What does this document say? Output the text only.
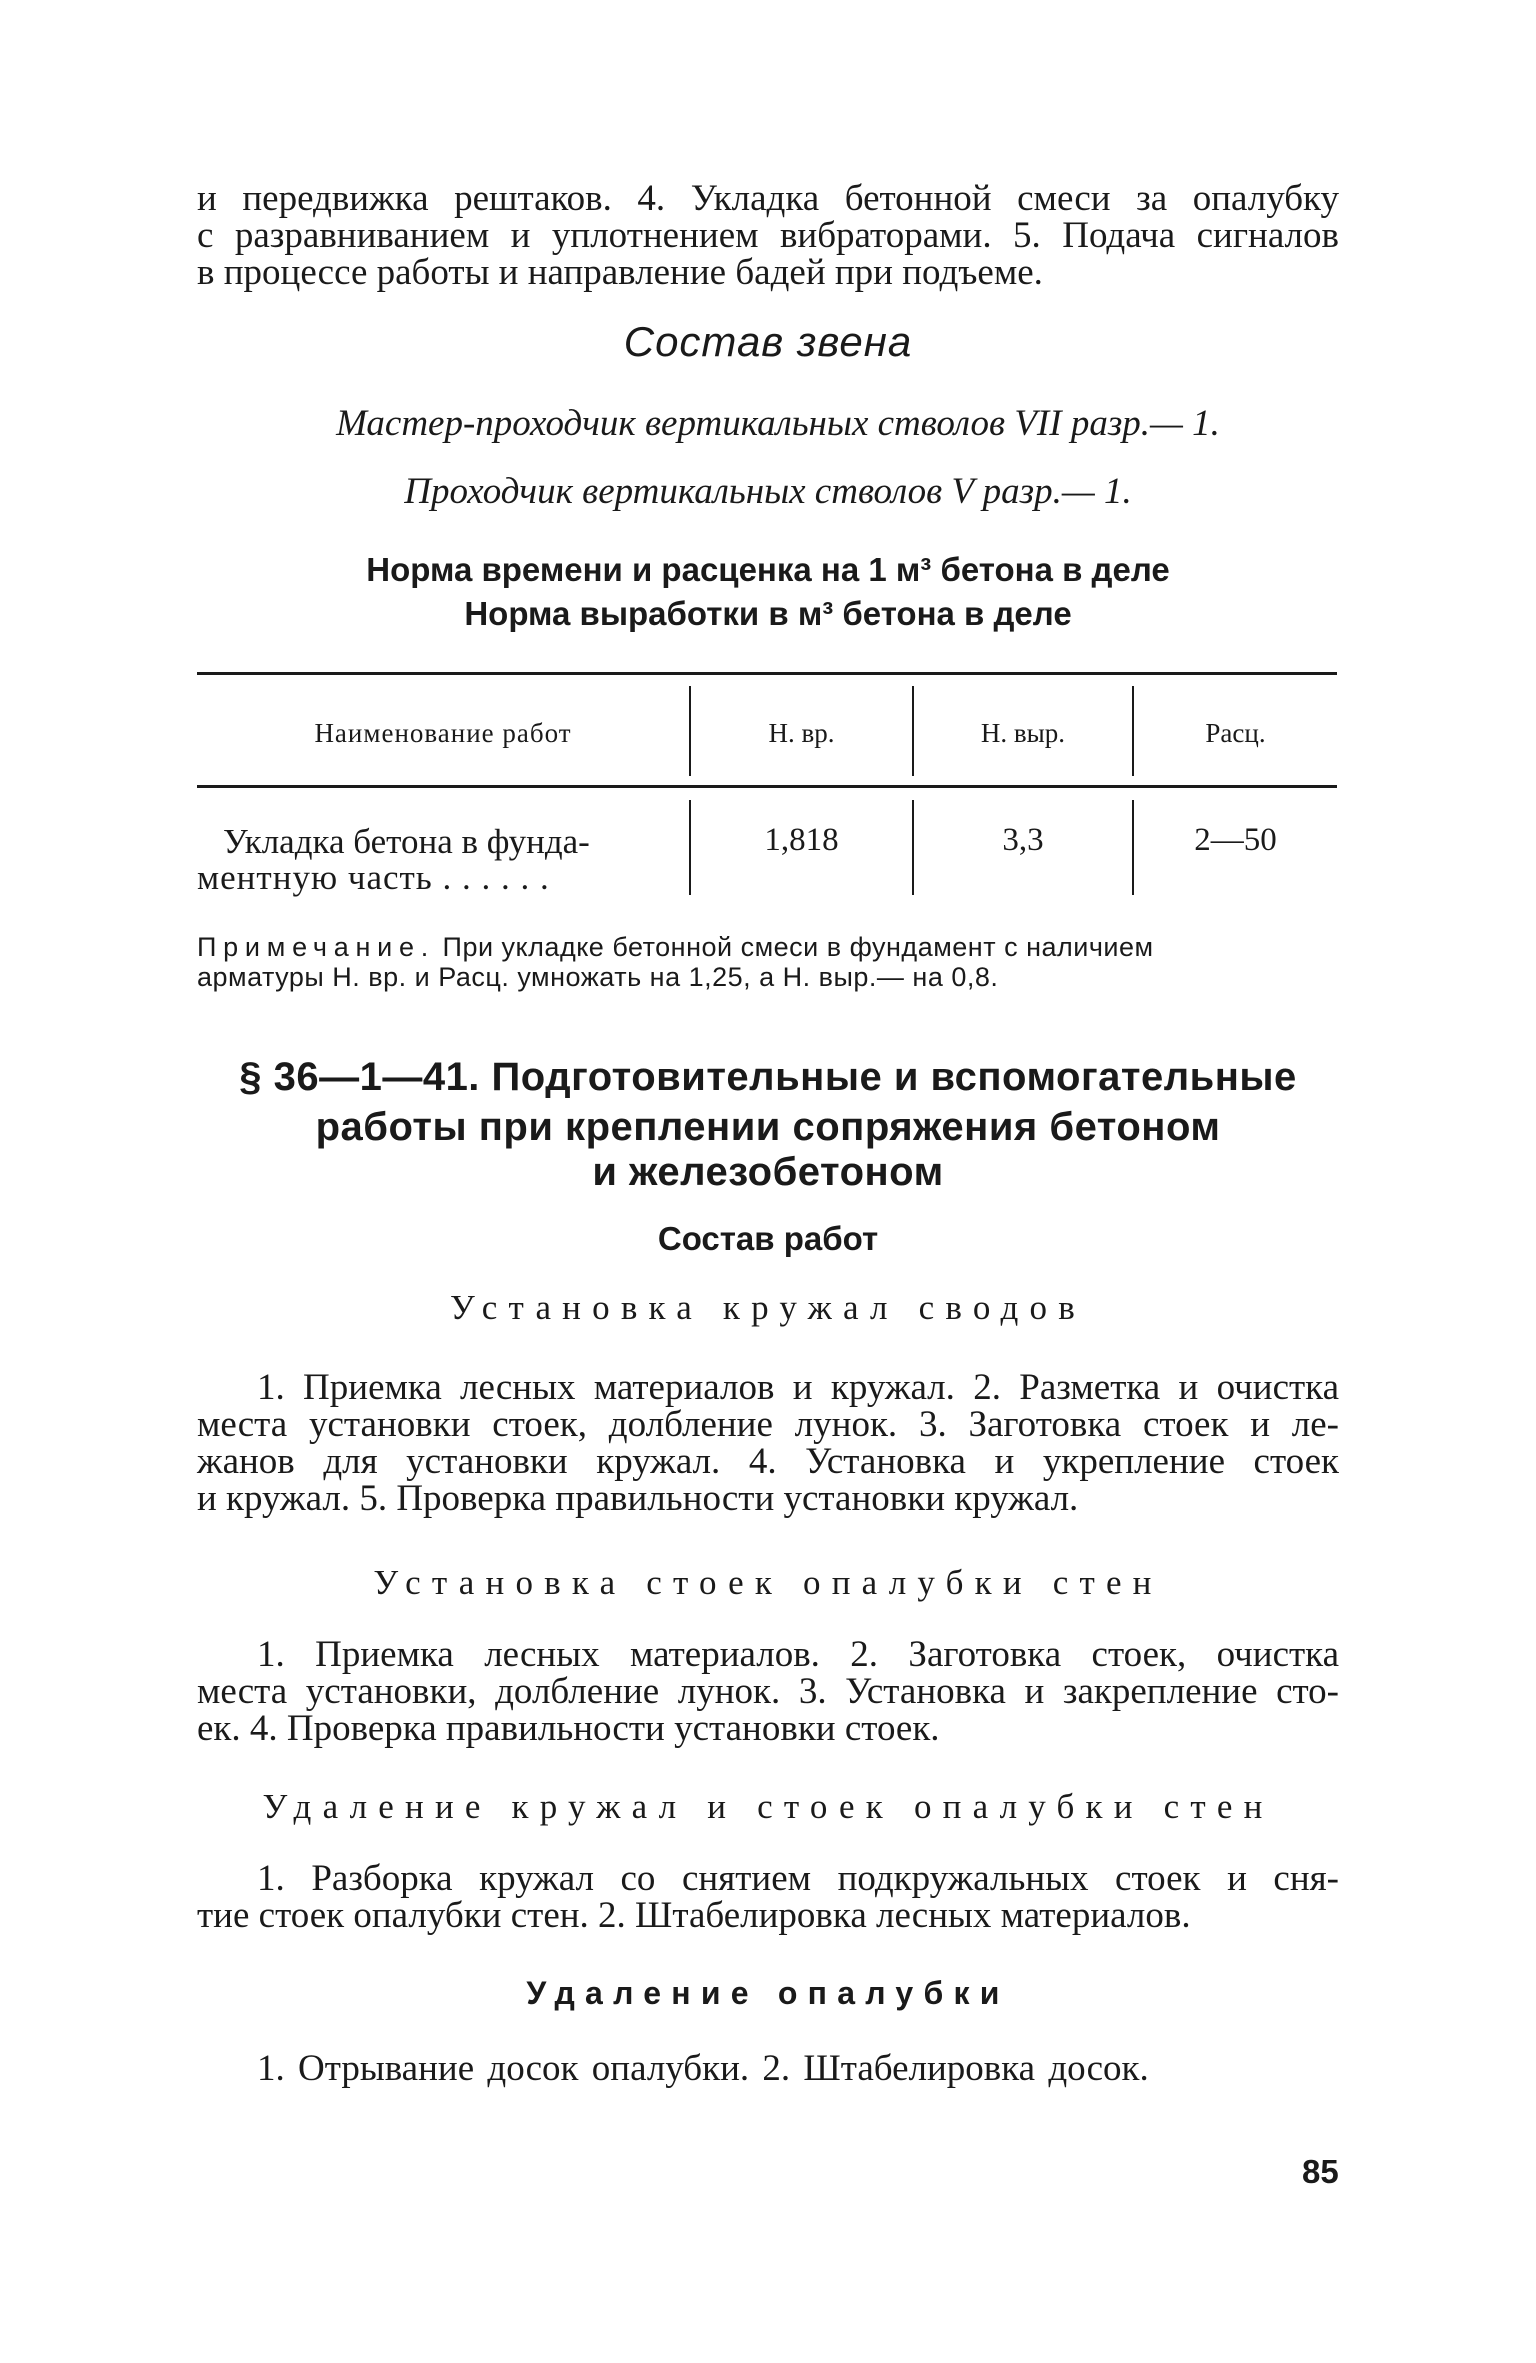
и передвижка рештаков. 4. Укладка бетонной смеси за опалубку
с разравниванием и уплотнением вибраторами. 5. Подача сигналов
в процессе работы и направление бадей при подъеме.
Состав звена
Мастер-проходчик вертикальных стволов VII разр.— 1.
Проходчик вертикальных стволов V разр.— 1.
Норма времени и расценка на 1 м³ бетона в деле
Норма выработки в м³ бетона в деле
Наименование работ	Н. вр.	Н. выр.	Расц.
Укладка бетона в фунда-
ментную часть . . . . . .
1,818	3,3	2—50
Примечание. При укладке бетонной смеси в фундамент с наличием
арматуры Н. вр. и Расц. умножать на 1,25, а Н. выр.— на 0,8.
§ 36—1—41. Подготовительные и вспомогательные
работы при креплении сопряжения бетоном
и железобетоном
Состав работ
Установка кружал сводов
1. Приемка лесных материалов и кружал. 2. Разметка и очистка
места установки стоек, долбление лунок. 3. Заготовка стоек и ле-
жанов для установки кружал. 4. Установка и укрепление стоек
и кружал. 5. Проверка правильности установки кружал.
Установка стоек опалубки стен
1. Приемка лесных материалов. 2. Заготовка стоек, очистка
места установки, долбление лунок. 3. Установка и закрепление сто-
ек. 4. Проверка правильности установки стоек.
Удаление кружал и стоек опалубки стен
1. Разборка кружал со снятием подкружальных стоек и сня-
тие стоек опалубки стен. 2. Штабелировка лесных материалов.
Удаление опалубки
1. Отрывание досок опалубки. 2. Штабелировка досок.
85
